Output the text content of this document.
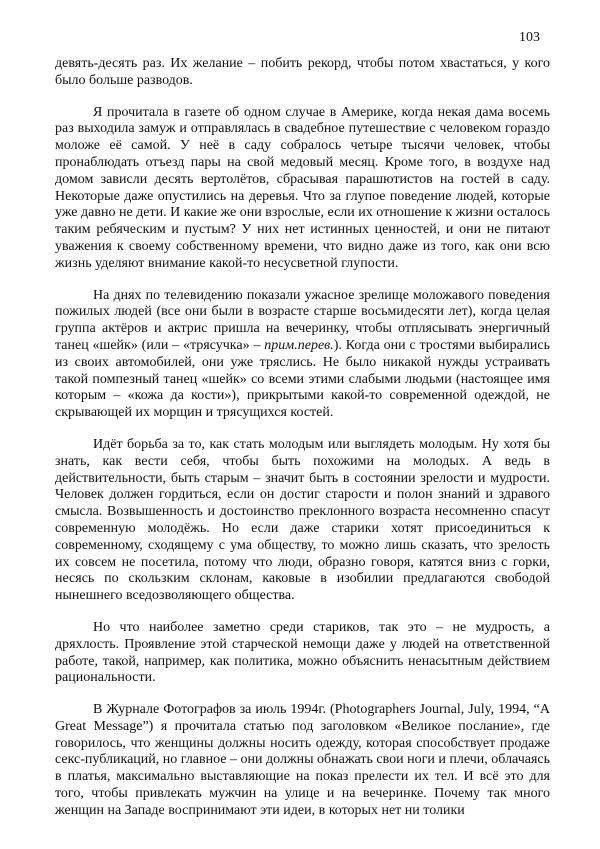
103

девять-десять раз. Их желание – побить рекорд, чтобы потом хвастаться, у кого было больше разводов.

Я прочитала в газете об одном случае в Америке, когда некая дама восемь раз выходила замуж и отправлялась в свадебное путешествие с человеком гораздо моложе её самой. У неё в саду собралось четыре тысячи человек, чтобы пронаблюдать отъезд пары на свой медовый месяц. Кроме того, в воздухе над домом зависли десять вертолётов, сбрасывая парашютистов на гостей в саду. Некоторые даже опустились на деревья. Что за глупое поведение людей, которые уже давно не дети. И какие же они взрослые, если их отношение к жизни осталось таким ребяческим и пустым? У них нет истинных ценностей, и они не питают уважения к своему собственному времени, что видно даже из того, как они всю жизнь уделяют внимание какой-то несусветной глупости.

На днях по телевидению показали ужасное зрелище моложавого поведения пожилых людей (все они были в возрасте старше восьмидесяти лет), когда целая группа актёров и актрис пришла на вечеринку, чтобы отплясывать энергичный танец «шейк» (или – «трясучка» – прим.перев.). Когда они с тростями выбирались из своих автомобилей, они уже тряслись. Не было никакой нужды устраивать такой помпезный танец «шейк» со всеми этими слабыми людьми (настоящее имя которым – «кожа да кости»), прикрытыми какой-то современной одеждой, не скрывающей их морщин и трясущихся костей.

Идёт борьба за то, как стать молодым или выглядеть молодым. Ну хотя бы знать, как вести себя, чтобы быть похожими на молодых. А ведь в действительности, быть старым – значит быть в состоянии зрелости и мудрости. Человек должен гордиться, если он достиг старости и полон знаний и здравого смысла. Возвышенность и достоинство преклонного возраста несомненно спасут современную молодёжь. Но если даже старики хотят присоединиться к современному, сходящему с ума обществу, то можно лишь сказать, что зрелость их совсем не посетила, потому что люди, образно говоря, катятся вниз с горки, несясь по скользким склонам, каковые в изобилии предлагаются свободой нынешнего вседозволяющего общества.

Но что наиболее заметно среди стариков, так это – не мудрость, а дряхлость. Проявление этой старческой немощи даже у людей на ответственной работе, такой, например, как политика, можно объяснить ненасытным действием рациональности.

В Журнале Фотографов за июль 1994г. (Photographers Journal, July, 1994, “A Great Message”) я прочитала статью под заголовком «Великое послание», где говорилось, что женщины должны носить одежду, которая способствует продаже секс-публикаций, но главное – они должны обнажать свои ноги и плечи, облачаясь в платья, максимально выставляющие на показ прелести их тел. И всё это для того, чтобы привлекать мужчин на улице и на вечеринке. Почему так много женщин на Западе воспринимают эти идеи, в которых нет ни толики
